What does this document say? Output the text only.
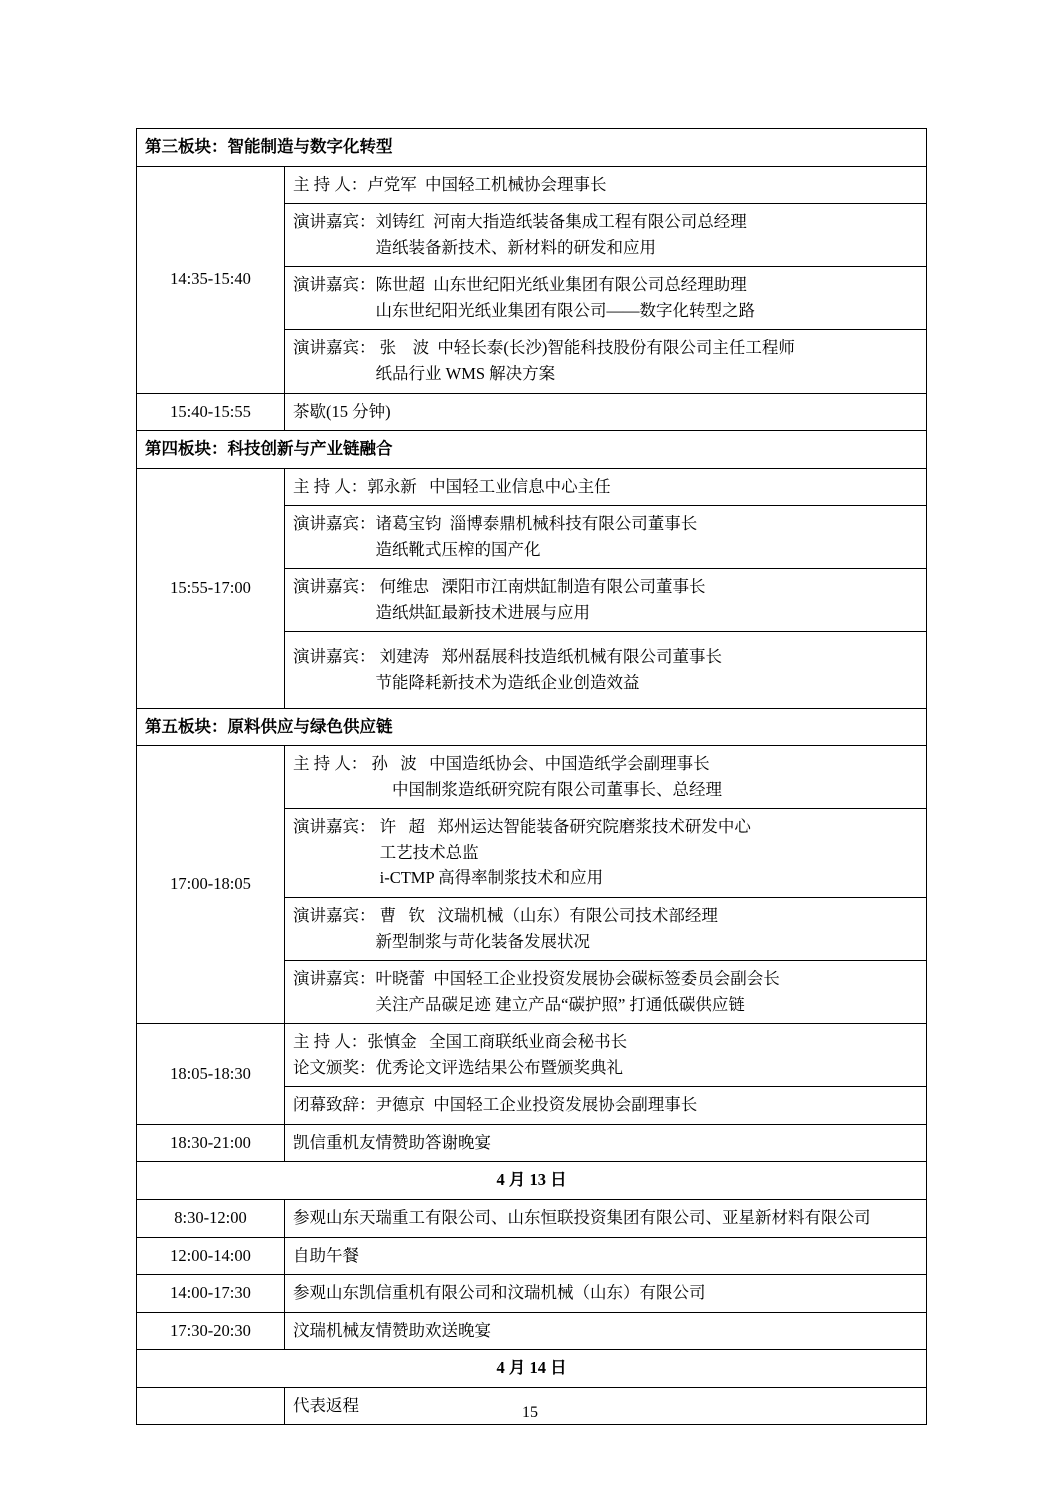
第三板块：智能制造与数字化转型	
14:35-15:40	主 持 人：卢党军  中国轻工机械协会理事长

	演讲嘉宾：刘铸红  河南大指造纸装备集成工程有限公司总经理
　　　　　造纸装备新技术、新材料的研发和应用

	演讲嘉宾：陈世超  山东世纪阳光纸业集团有限公司总经理助理
　　　　　山东世纪阳光纸业集团有限公司——数字化转型之路

	演讲嘉宾： 张    波  中轻长泰(长沙)智能科技股份有限公司主任工程师
　　　　　纸品行业 WMS 解决方案

15:40-15:55	茶歇(15 分钟)
第四板块：科技创新与产业链融合	
15:55-17:00	主 持 人：郭永新   中国轻工业信息中心主任

	演讲嘉宾：诸葛宝钧  淄博泰鼎机械科技有限公司董事长
　　　　　造纸靴式压榨的国产化

	演讲嘉宾： 何维忠   溧阳市江南烘缸制造有限公司董事长
　　　　　造纸烘缸最新技术进展与应用

	演讲嘉宾： 刘建涛   郑州磊展科技造纸机械有限公司董事长
　　　　　节能降耗新技术为造纸企业创造效益

第五板块：原料供应与绿色供应链	
17:00-18:05	主 持 人： 孙   波   中国造纸协会、中国造纸学会副理事长
　　　　　　中国制浆造纸研究院有限公司董事长、总经理

	演讲嘉宾： 许   超   郑州运达智能装备研究院磨浆技术研发中心
　　　　　 工艺技术总监
　　　　　 i-CTMP 高得率制浆技术和应用

	演讲嘉宾： 曹   钦   汶瑞机械（山东）有限公司技术部经理
　　　　　新型制浆与苛化装备发展状况

	演讲嘉宾：叶晓蕾  中国轻工企业投资发展协会碳标签委员会副会长
　　　　　关注产品碳足迹 建立产品“碳护照” 打通低碳供应链

18:05-18:30	主 持 人：张慎金   全国工商联纸业商会秘书长
论文颁奖：优秀论文评选结果公布暨颁奖典礼

	闭幕致辞：尹德京  中国轻工企业投资发展协会副理事长

18:30-21:00	凯信重机友情赞助答谢晚宴
4 月 13 日	
8:30-12:00	参观山东天瑞重工有限公司、山东恒联投资集团有限公司、亚星新材料有限公司
12:00-14:00	自助午餐
14:00-17:30	参观山东凯信重机有限公司和汶瑞机械（山东）有限公司
17:30-20:30	汶瑞机械友情赞助欢送晚宴
4 月 14 日	
	代表返程	15
